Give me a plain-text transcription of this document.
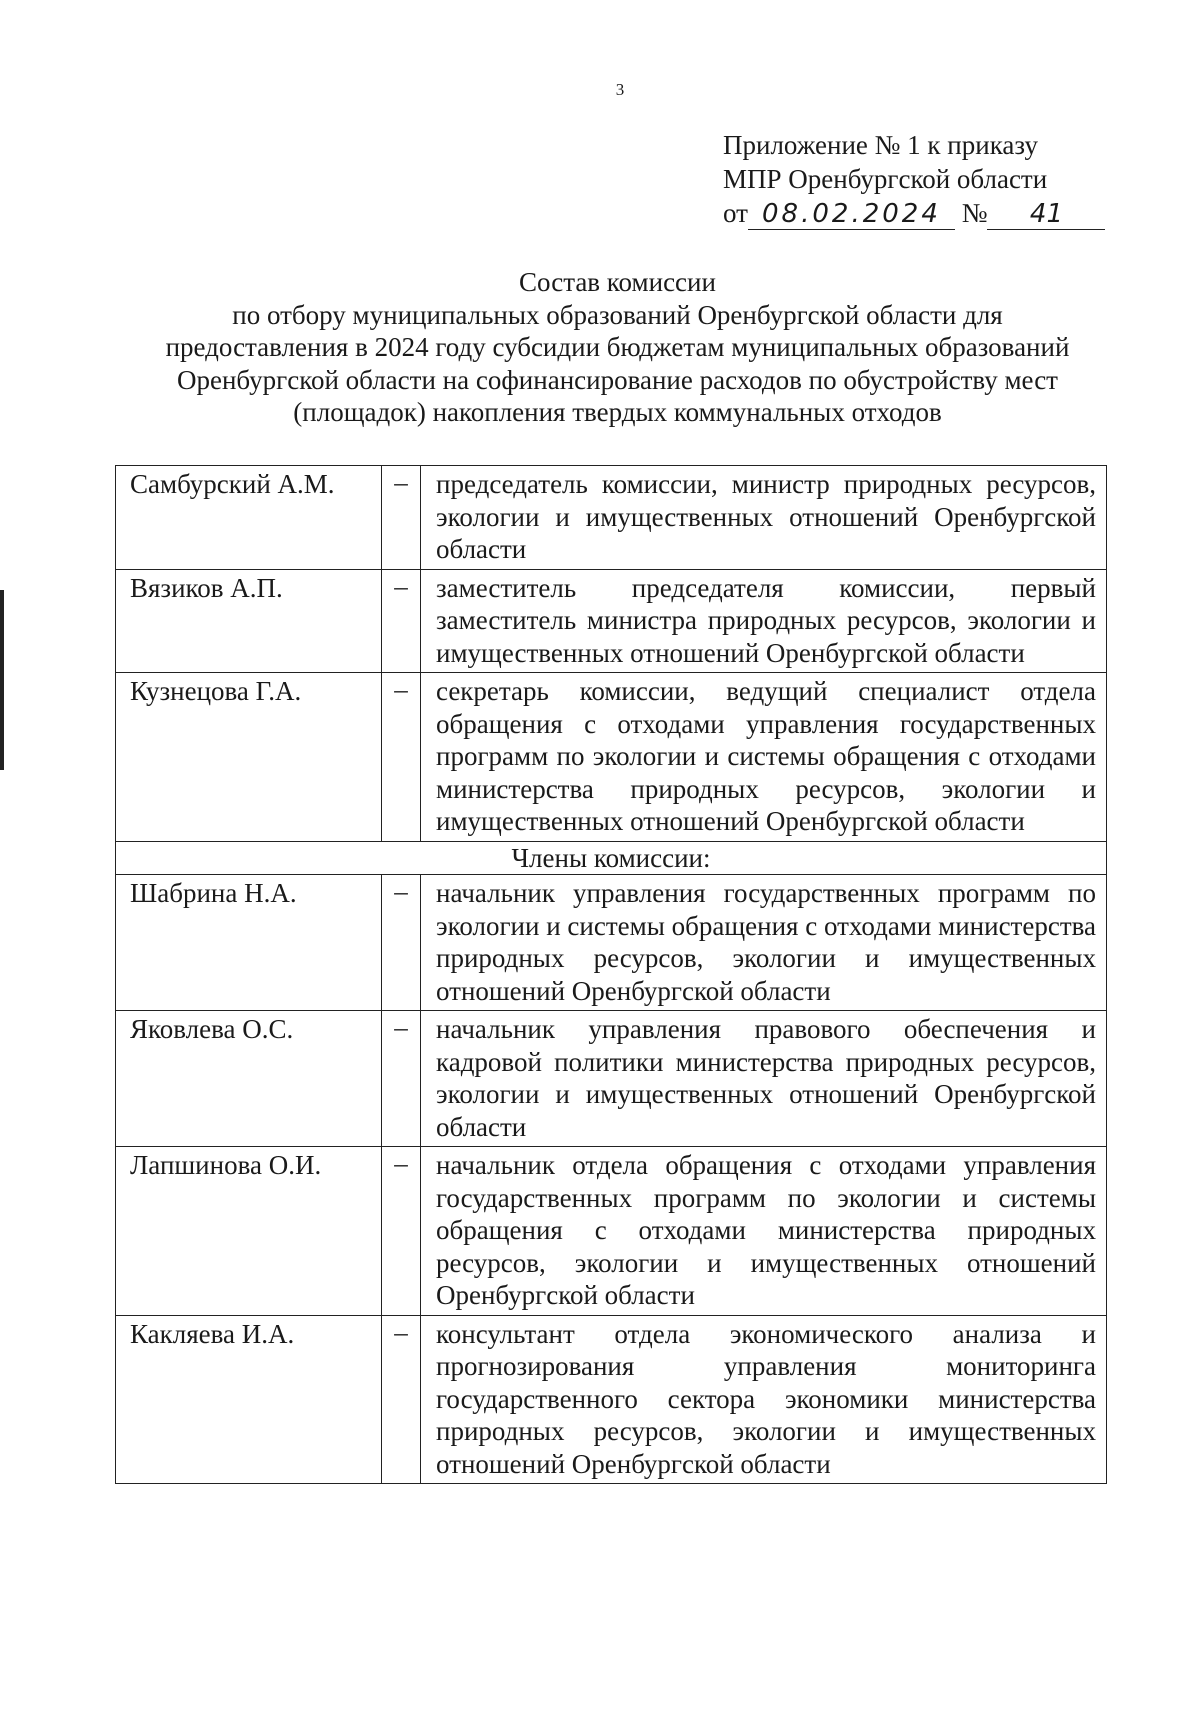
3
Приложение № 1 к приказу
МПР Оренбургской области
от 08.02.2024 № 41
Состав комиссии
по отбору муниципальных образований Оренбургской области для
предоставления в 2024 году субсидии бюджетам муниципальных образований
Оренбургской области на софинансирование расходов по обустройству мест
(площадок) накопления твердых коммунальных отходов
Самбурский А.М.	–	председатель комиссии, министр природных ресурсов, экологии и имущественных отношений Оренбургской области
Вязиков А.П.	–	заместитель председателя комиссии, первый заместитель министра природных ресурсов, экологии и имущественных отношений Оренбургской области
Кузнецова Г.А.	–	секретарь комиссии, ведущий специалист отдела обращения с отходами управления государственных программ по экологии и системы обращения с отходами министерства природных ресурсов, экологии и имущественных отношений Оренбургской области
Члены комиссии:		
Шабрина Н.А.	–	начальник управления государственных программ по экологии и системы обращения с отходами министерства природных ресурсов, экологии и имущественных отношений Оренбургской области
Яковлева О.С.	–	начальник управления правового обеспечения и кадровой политики министерства природных ресурсов, экологии и имущественных отношений Оренбургской области
Лапшинова О.И.	–	начальник отдела обращения с отходами управления государственных программ по экологии и системы обращения с отходами министерства природных ресурсов, экологии и имущественных отношений Оренбургской области
Какляева И.А.	–	консультант отдела экономического анализа и прогнозирования управления мониторинга государственного сектора экономики министерства природных ресурсов, экологии и имущественных отношений Оренбургской области
